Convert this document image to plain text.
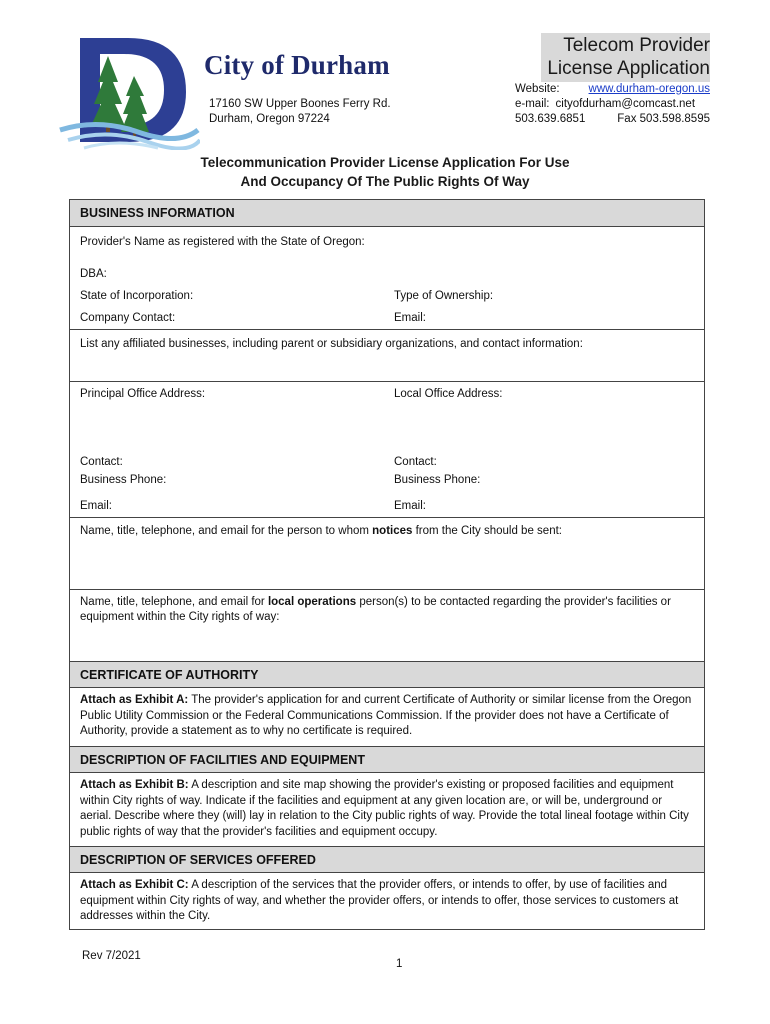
City of Durham
17160 SW Upper Boones Ferry Rd.
Durham, Oregon 97224
Telecom Provider
License Application
Website:	www.durham-oregon.us
e-mail: cityofdurham@comcast.net
503.639.6851	Fax 503.598.8595
Telecommunication Provider License Application For Use
And Occupancy Of The Public Rights Of Way
BUSINESS INFORMATION
Provider's Name as registered with the State of Oregon:
DBA:
State of Incorporation:	Type of Ownership:
Company Contact:	Email:
List any affiliated businesses, including parent or subsidiary organizations, and contact information:
Principal Office Address:	Local Office Address:
Contact:	Contact:
Business Phone:	Business Phone:
Email:	Email:
Name, title, telephone, and email for the person to whom notices from the City should be sent:
Name, title, telephone, and email for local operations person(s) to be contacted regarding the provider's facilities or equipment within the City rights of way:
CERTIFICATE OF AUTHORITY
Attach as Exhibit A: The provider's application for and current Certificate of Authority or similar license from the Oregon Public Utility Commission or the Federal Communications Commission. If the provider does not have a Certificate of Authority, provide a statement as to why no certificate is required.
DESCRIPTION OF FACILITIES AND EQUIPMENT
Attach as Exhibit B: A description and site map showing the provider's existing or proposed facilities and equipment within City rights of way. Indicate if the facilities and equipment at any given location are, or will be, underground or aerial. Describe where they (will) lay in relation to the City public rights of way. Provide the total lineal footage within City public rights of way that the provider's facilities and equipment occupy.
DESCRIPTION OF SERVICES OFFERED
Attach as Exhibit C: A description of the services that the provider offers, or intends to offer, by use of facilities and equipment within City rights of way, and whether the provider offers, or intends to offer, those services to customers at addresses within the City.
Rev 7/2021
1
